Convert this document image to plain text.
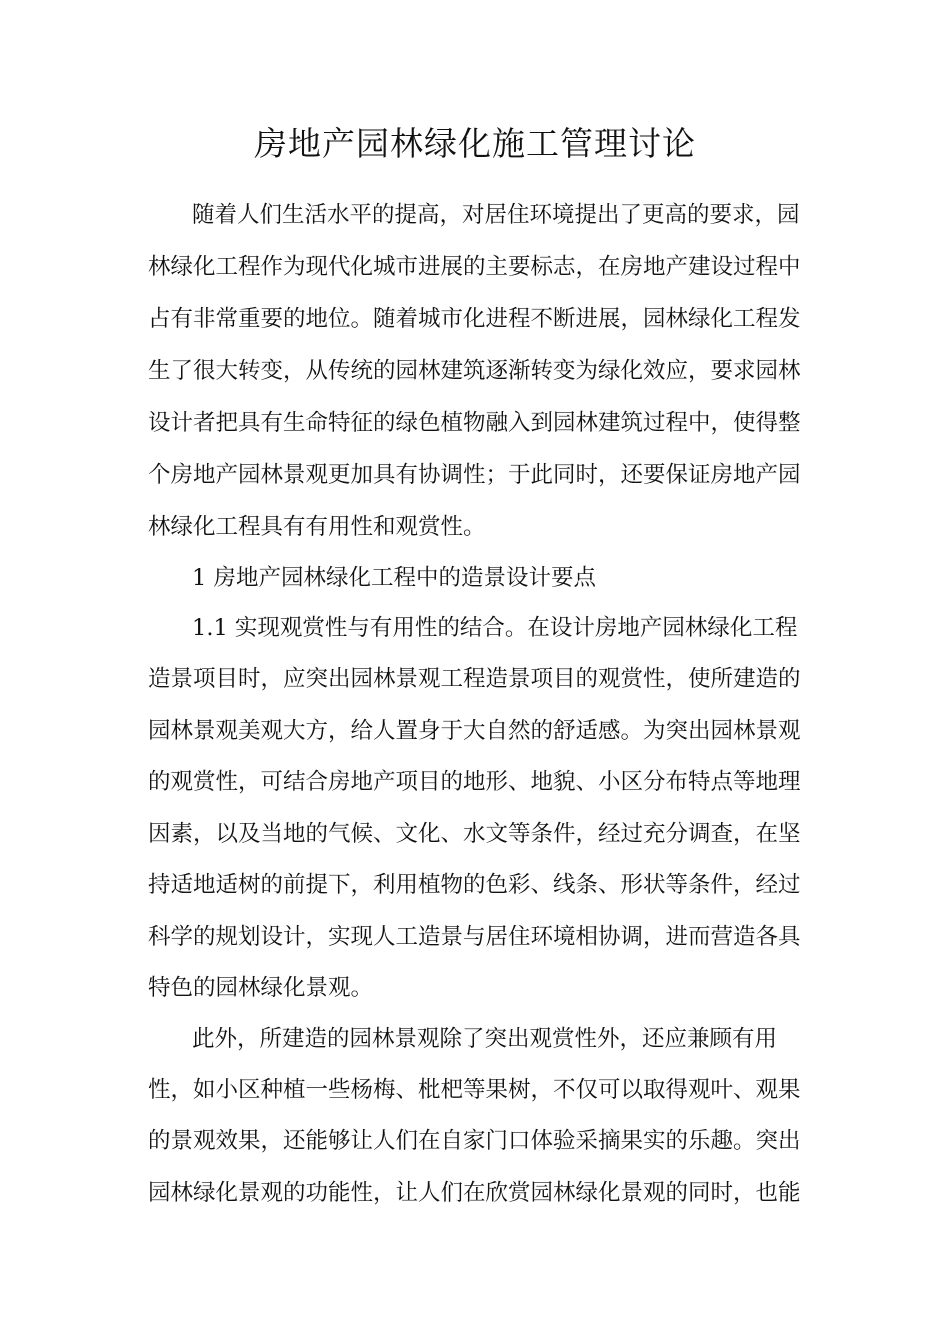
房地产园林绿化施工管理讨论
随着人们生活水平的提高，对居住环境提出了更高的要求，园
林绿化工程作为现代化城市进展的主要标志，在房地产建设过程中
占有非常重要的地位。随着城市化进程不断进展，园林绿化工程发
生了很大转变，从传统的园林建筑逐渐转变为绿化效应，要求园林
设计者把具有生命特征的绿色植物融入到园林建筑过程中，使得整
个房地产园林景观更加具有协调性；于此同时，还要保证房地产园
林绿化工程具有有用性和观赏性。
1 房地产园林绿化工程中的造景设计要点
1.1 实现观赏性与有用性的结合。在设计房地产园林绿化工程
造景项目时，应突出园林景观工程造景项目的观赏性，使所建造的
园林景观美观大方，给人置身于大自然的舒适感。为突出园林景观
的观赏性，可结合房地产项目的地形、地貌、小区分布特点等地理
因素，以及当地的气候、文化、水文等条件，经过充分调查，在坚
持适地适树的前提下，利用植物的色彩、线条、形状等条件，经过
科学的规划设计，实现人工造景与居住环境相协调，进而营造各具
特色的园林绿化景观。
此外，所建造的园林景观除了突出观赏性外，还应兼顾有用
性，如小区种植一些杨梅、枇杷等果树，不仅可以取得观叶、观果
的景观效果，还能够让人们在自家门口体验采摘果实的乐趣。突出
园林绿化景观的功能性，让人们在欣赏园林绿化景观的同时，也能
